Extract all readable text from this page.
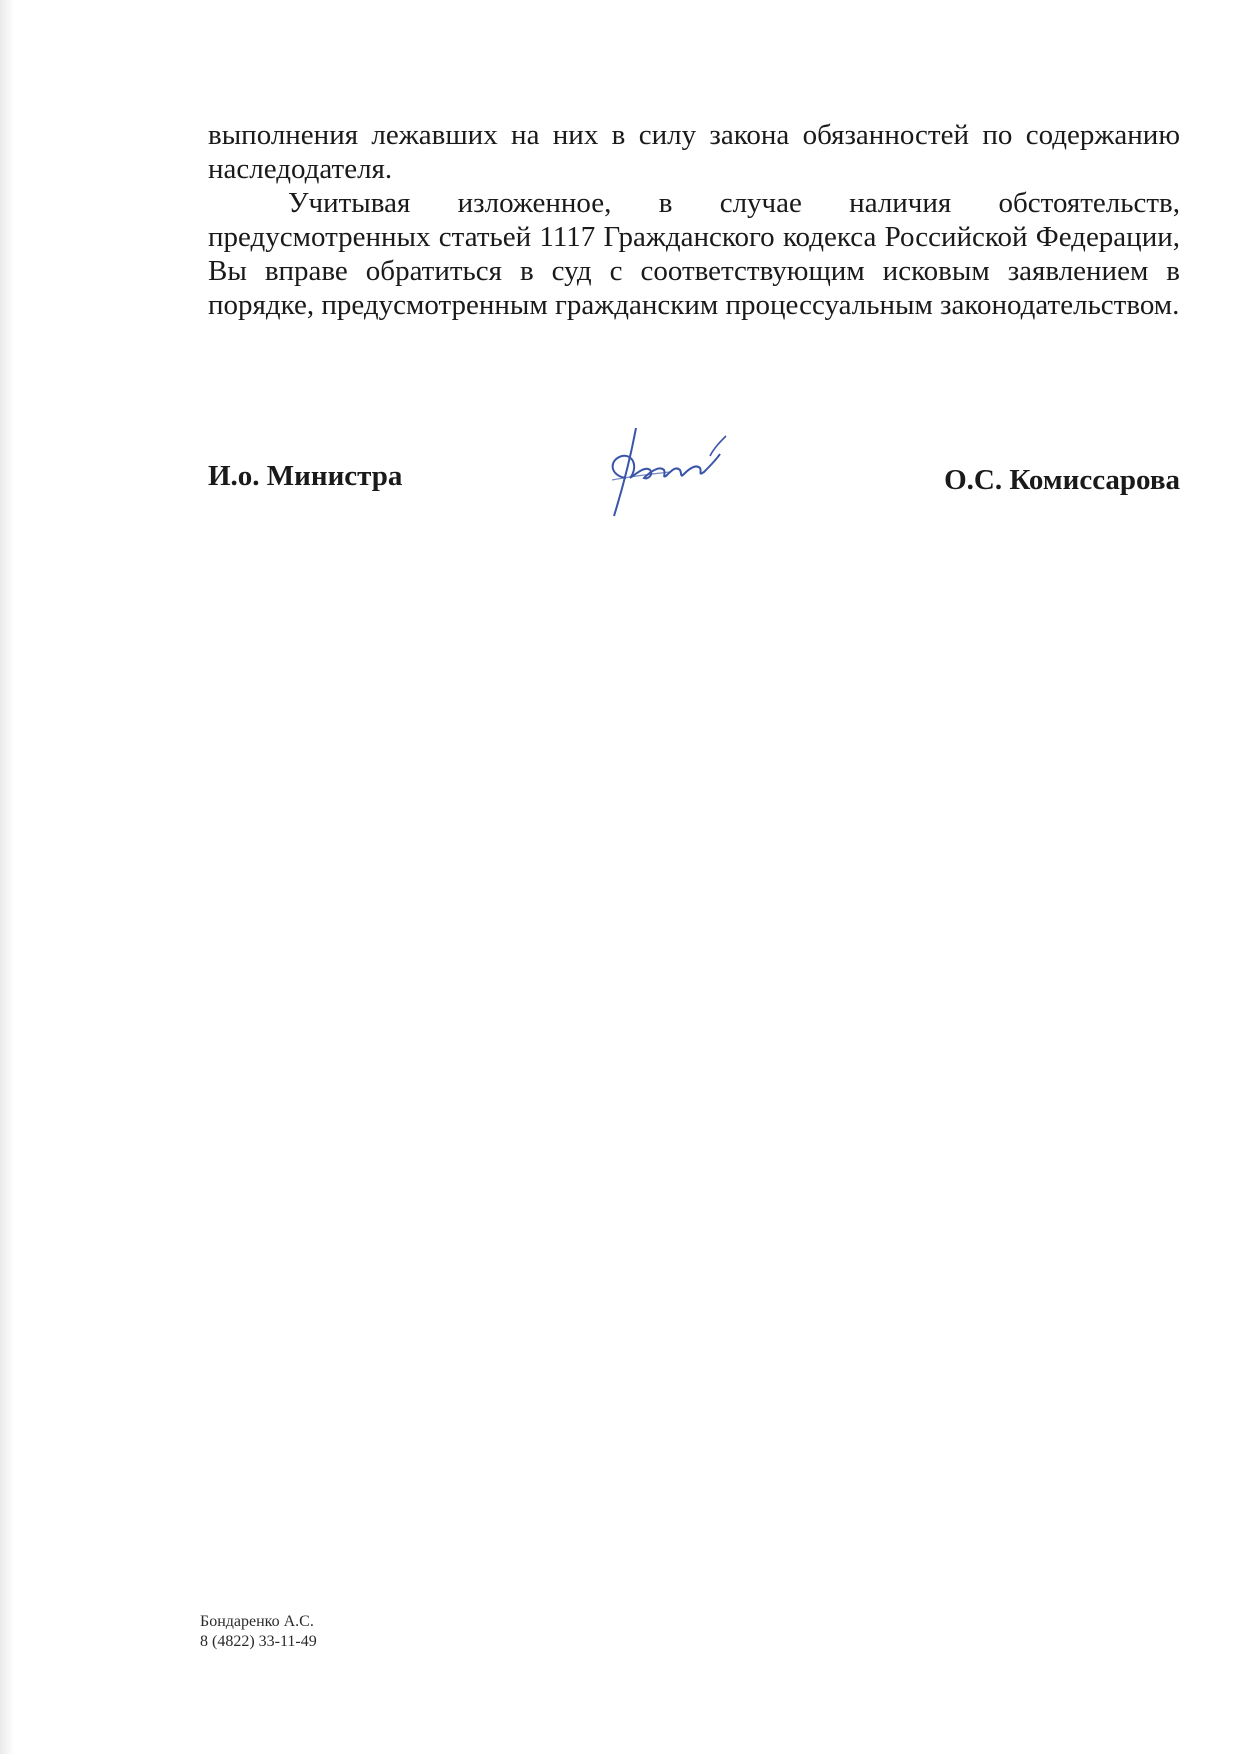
выполнения лежавших на них в силу закона обязанностей по содержанию наследодателя.

Учитывая изложенное, в случае наличия обстоятельств, предусмотренных статьей 1117 Гражданского кодекса Российской Федерации, Вы вправе обратиться в суд с соответствующим исковым заявлением в порядке, предусмотренным гражданским процессуальным законодательством.

И.о. Министра	О.С. Комиссарова
Бондаренко А.С.
8 (4822) 33-11-49
